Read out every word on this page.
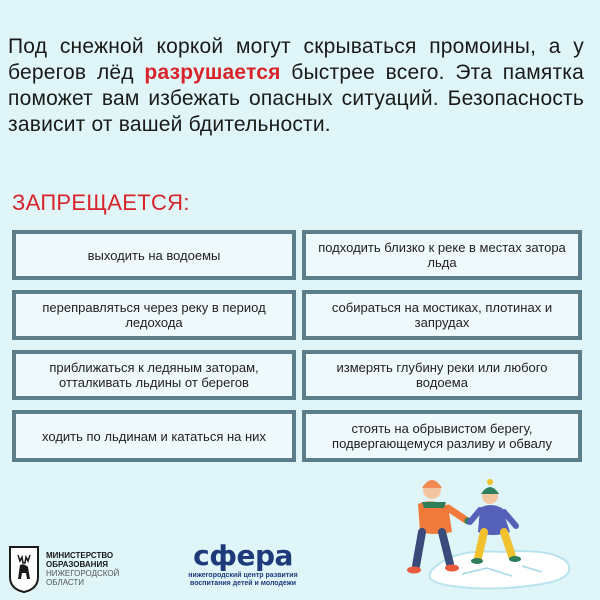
Под снежной коркой могут скрываться промоины, а у берегов лёд разрушается быстрее всего. Эта памятка поможет вам избежать опасных ситуаций. Безопасность зависит от вашей бдительности.

ЗАПРЕЩАЕТСЯ:
выходить на водоемы	подходить близко к реке в местах затора льда
переправляться через реку в период ледохода
собираться на мостиках, плотинах и запрудах
приближаться к ледяным заторам, отталкивать льдины от берегов
измерять глубину реки или любого водоема
ходить по льдинам и кататься на них	стоять на обрывистом берегу, подвергающемуся разливу и обвалу
МИНИСТЕРСТВО
ОБРАЗОВАНИЯ
НИЖЕГОРОДСКОЙ
ОБЛАСТИ
сфера
нижегородский центр развития
воспитания детей и молодежи
